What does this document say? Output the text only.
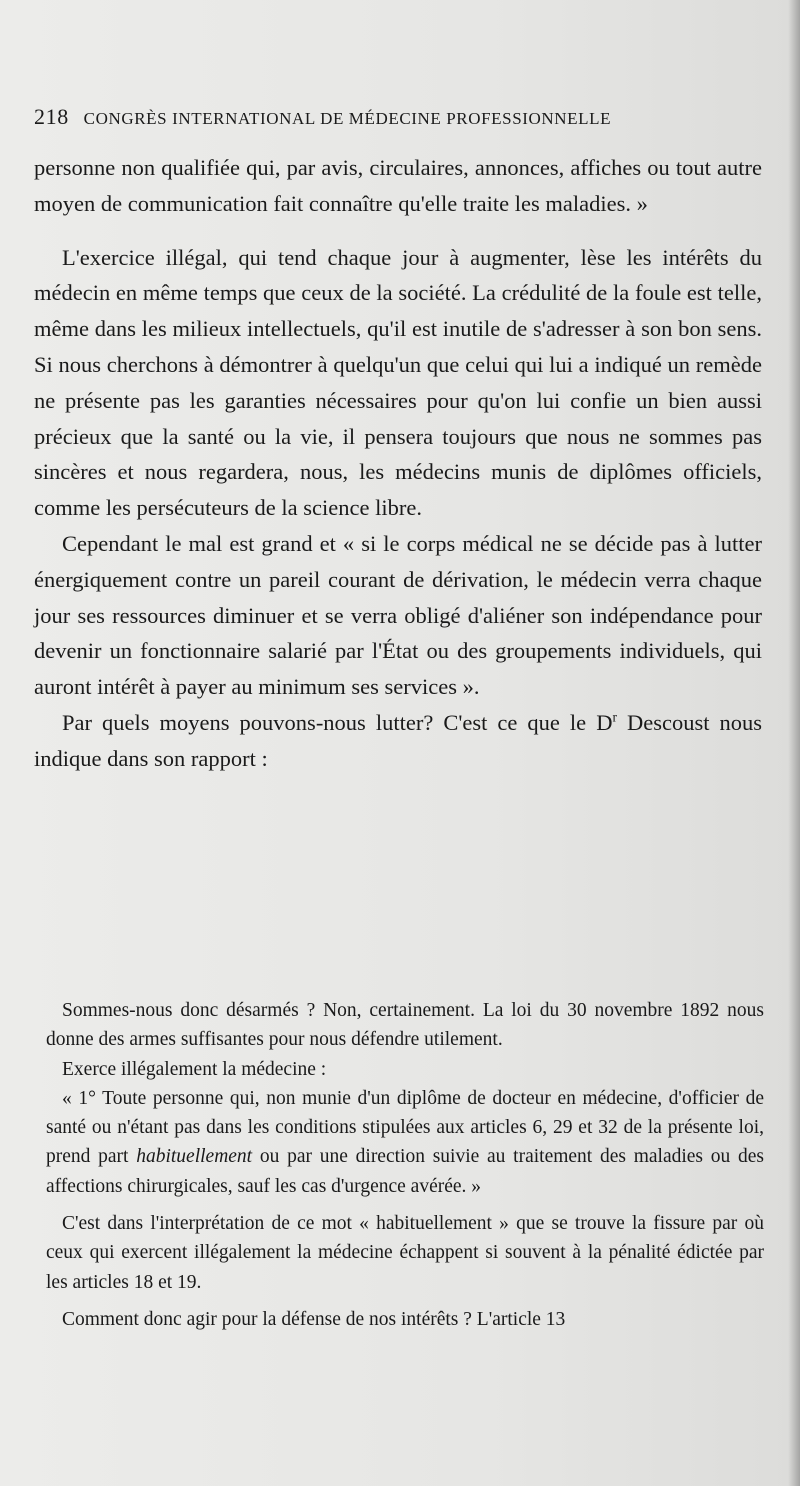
218 CONGRÈS INTERNATIONAL DE MÉDECINE PROFESSIONNELLE

personne non qualifiée qui, par avis, circulaires, annonces, affiches ou tout autre moyen de communication fait connaître qu'elle traite les maladies. »

L'exercice illégal, qui tend chaque jour à augmenter, lèse les intérêts du médecin en même temps que ceux de la société. La crédulité de la foule est telle, même dans les milieux intellectuels, qu'il est inutile de s'adresser à son bon sens. Si nous cherchons à démontrer à quelqu'un que celui qui lui a indiqué un remède ne présente pas les garanties nécessaires pour qu'on lui confie un bien aussi précieux que la santé ou la vie, il pensera toujours que nous ne sommes pas sincères et nous regardera, nous, les médecins munis de diplômes officiels, comme les persécuteurs de la science libre.

Cependant le mal est grand et « si le corps médical ne se décide pas à lutter énergiquement contre un pareil courant de dérivation, le médecin verra chaque jour ses ressources diminuer et se verra obligé d'aliéner son indépendance pour devenir un fonctionnaire salarié par l'État ou des groupements individuels, qui auront intérêt à payer au minimum ses services ».

Par quels moyens pouvons-nous lutter? C'est ce que le $D^r$ Descoust nous indique dans son rapport :

Sommes-nous donc désarmés ? Non, certainement. La loi du 30 novembre 1892 nous donne des armes suffisantes pour nous défendre utilement.

Exerce illégalement la médecine :

« 1° Toute personne qui, non munie d'un diplôme de docteur en médecine, d'officier de santé ou n'étant pas dans les conditions stipulées aux articles 6, 29 et 32 de la présente loi, prend part habituellement ou par une direction suivie au traitement des maladies ou des affections chirurgicales, sauf les cas d'urgence avérée. »

C'est dans l'interprétation de ce mot « habituellement » que se trouve la fissure par où ceux qui exercent illégalement la médecine échappent si souvent à la pénalité édictée par les articles 18 et 19.

Comment donc agir pour la défense de nos intérêts ? L'article 13
